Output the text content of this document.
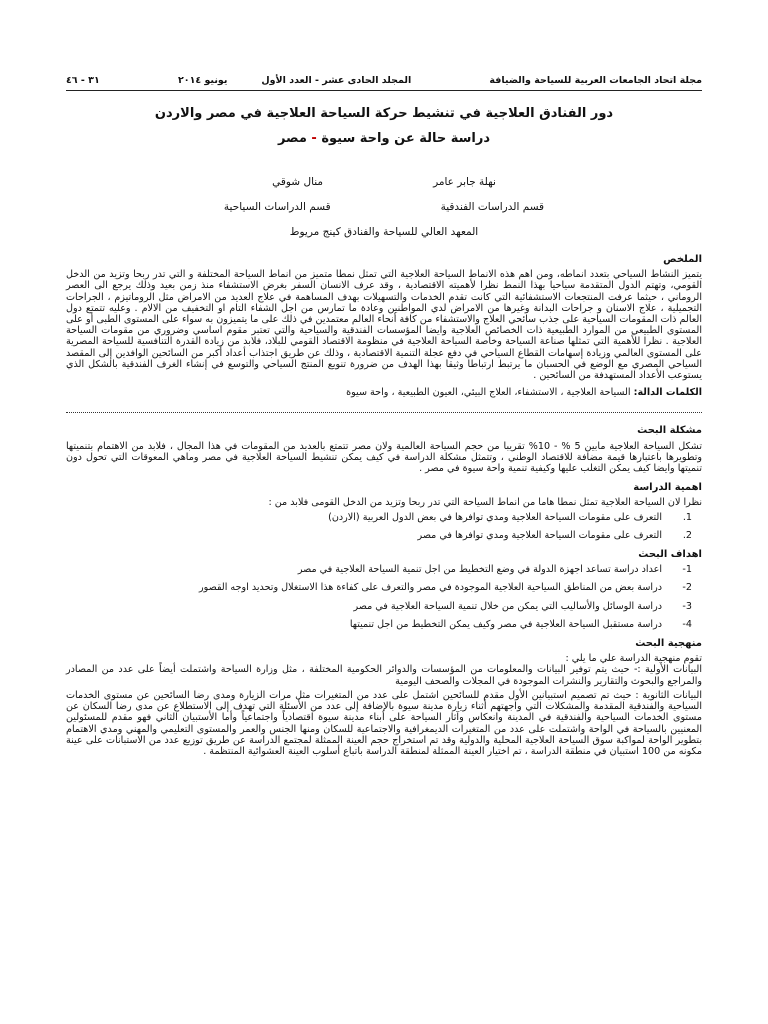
مجلة اتحاد الجامعات العربية للسياحة والضيافة
المجلد الحادى عشر - العدد الأول
يونيو ٢٠١٤
٣١ - ٤٦
دور الفنادق العلاجية في تنشيط حركة السياحة العلاجية في مصر والاردن
دراسة حالة عن واحة سيوة - مصر
نهلة جابر عامر
منال شوقي
قسم الدراسات الفندقية
قسم الدراسات السياحية
المعهد العالي للسياحة والفنادق كينج مريوط
الملخص

يتميز النشاط السياحي بتعدد انماطه، ومن اهم هذه الانماط السياحة العلاجية التي تمثل نمطا متميز من انماط السياحة المختلفة و التي تدر ربحا وتزيد من الدخل القومي، وتهتم الدول المتقدمة سياحيا بهذا النمط نظرا لأهميته الاقتصادية ، وقد عرف الانسان السفر بغرض الاستشفاء منذ زمن بعيد وذلك يرجع الى العصر الروماني ، حيثما عرفت المنتجعات الاستشفائية التي كانت تقدم الخدمات والتسهيلات بهدف المساهمة في علاج العديد من الامراض مثل الروماتيزم ، الجراحات التجميلية ، علاج الاسنان و جراحات البدانة وغيرها من الامراض لدي المواطنين وعادة ما تمارس من اجل الشفاء التام او التخفيف من الالام . وعليه تتمتع دول العالم ذات المقومات السياحية على جذب سائحي العلاج والاستشفاء من كافة أنحاء العالم معتمدين في ذلك على ما يتميزون به سواء على المستوى الطبى أو على المستوى الطبيعي من الموارد الطبيعية ذات الخصائص العلاجية وايضا المؤسسات الفندقية والسياحية والتي تعتبر مقوم اساسي وضروري من مقومات السياحة العلاجية . نظرا للأهمية التي تمثلها صناعة السياحة وخاصة السياحة العلاجية في منظومة الاقتصاد القومي للبلاد، فلابد من زيادة القدرة التنافسية للسياحة المصرية على المستوى العالمي وزيادة إسهامات القطاع السياحي في دفع عجلة التنمية الاقتصادية ، وذلك عن طريق اجتذاب أعداد أكبر من السائحين الوافدين إلى المقصد السياحي المصري مع الوضع في الحسبان ما يرتبط ارتباطا وثيقا بهذا الهدف من ضرورة تنويع المنتج السياحي والتوسع في إنشاء الغرف الفندقية بالشكل الذي يستوعب الأعداد المستهدفة من السائحين .

الكلمات الدالة: السياحة العلاجية ، الاستشفاء، العلاج البيئي، العيون الطبيعية ، واحة سيوة

مشكلة البحث

تشكل السياحة العلاجية مابين 5 % - 10% تقريبا من حجم السياحة العالمية ولان مصر تتمتع بالعديد من المقومات في هذا المجال ، فلابد من الاهتمام بتنميتها وتطويرها باعتبارها قيمة مضافة للاقتصاد الوطني ، وتتمثل مشكلة الدراسة في كيف يمكن تنشيط السياحة العلاجية في مصر وماهي المعوقات التي تحول دون تنميتها وايضا كيف يمكن التغلب عليها وكيفية تنمية واحة سيوة في مصر .

اهمية الدراسة

نظرا لان السياحة العلاجية تمثل نمطا هاما من انماط السياحة التي تدر ربحا وتزيد من الدخل القومى فلابد من :

1.
التعرف على مقومات السياحة العلاجية ومدي توافرها في بعض الدول العربية (الاردن)
2.
التعرف على مقومات السياحة العلاجية ومدي توافرها في مصر
اهداف البحث
1-
اعداد دراسة تساعد اجهزة الدولة في وضع التخطيط من اجل تنمية السياحة العلاجية في مصر
2-
دراسة بعض من المناطق السياحية العلاجية الموجودة في مصر والتعرف على كفاءة هذا الاستغلال وتحديد اوجه القصور
3-
دراسة الوسائل والأساليب التي يمكن من خلال تنمية السياحة العلاجية في مصر
4-
دراسة مستقبل السياحة العلاجية في مصر وكيف يمكن التخطيط من اجل تنميتها
منهجية البحث

تقوم منهجية الدراسة علي ما يلي :

البيانات الأولية :- حيث يتم توفير البيانات والمعلومات من المؤسسات والدوائر الحكومية المختلفة ، مثل وزارة السياحة واشتملت أيضاً على عدد من المصادر والمراجع والبحوث والتقارير والنشرات الموجودة في المجلات والصحف اليومية

البيانات الثانوية : حيث تم تصميم استبيانين الأول مقدم للسائحين اشتمل على عدد من المتغيرات مثل مرات الزيارة ومدى رضا السائحين عن مستوى الخدمات السياحية والفندقية المقدمة والمشكلات التي واجهتهم أثناء زيارة مدينة سيوة بالإضافة إلى عدد من الأسئلة التي تهدف إلى الاستطلاع عن مدى رضا السكان عن مستوى الخدمات السياحية والفندقية في المدينة وانعكاس وآثار السياحة على أبناء مدينة سيوة اقتصادياً واجتماعياً وأما الأستبيان الثاني فهو مقدم للمسئولين المعنيين بالسياحة في الواحة واشتملت على عدد من المتغيرات الديمغرافية والاجتماعية للسكان ومنها الجنس والعمر والمستوى التعليمي والمهني ومدي الاهتمام بتطوير الواحة لمواكبة سوق السياحة العلاجية المحلية والدولية وقد تم استخراج حجم العينة الممثلة لمجتمع الدراسة عن طريق توزيع عدد من الاستبانات على عينة مكونه من 100 استبيان في منطقة الدراسة ، تم اختيار العينة الممثلة لمنطقة الدراسة باتباع أسلوب العينة العشوائية المنتظمة .
